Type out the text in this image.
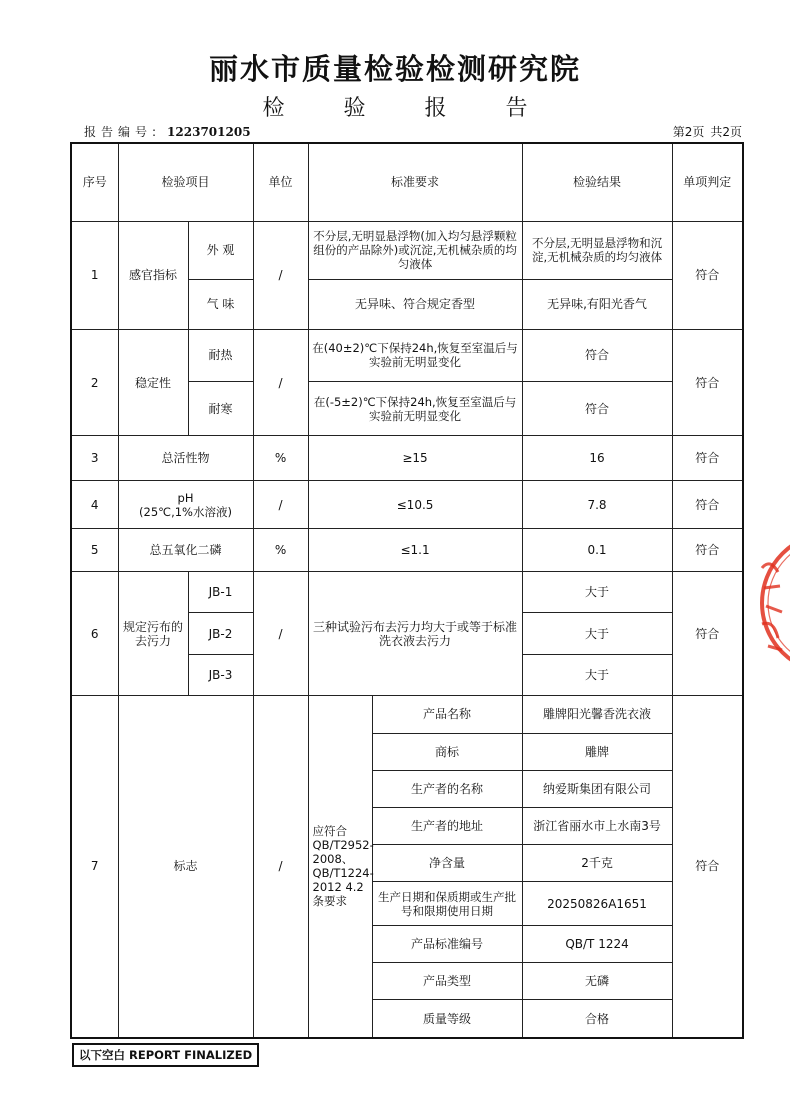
丽水市质量检验检测研究院
检 验 报 告
报告编号: 1223701205	第2页 共2页
序号	检验项目		单位	标准要求		检验结果	单项判定
1	感官指标	外 观	/	不分层,无明显悬浮物(加入均匀悬浮颗粒组份的产品除外)或沉淀,无机械杂质的均匀液体		不分层,无明显悬浮物和沉淀,无机械杂质的均匀液体	符合
		气 味		无异味、符合规定香型		无异味,有阳光香气	
2	稳定性	耐热	/	在(40±2)℃下保持24h,恢复至室温后与实验前无明显变化		符合	符合
		耐寒		在(-5±2)℃下保持24h,恢复至室温后与实验前无明显变化		符合	
3	总活性物		%	≥15		16	符合
4	pH
(25℃,1%水溶液)		/	≤10.5		7.8	符合
5	总五氧化二磷		%	≤1.1		0.1	符合
6	规定污布的去污力	JB-1	/	三种试验污布去污力均大于或等于标准洗衣液去污力		大于	符合
		JB-2				大于	
		JB-3				大于	
7	标志		/	应符合QB/T2952-2008、QB/T1224-2012 4.2条要求	产品名称	雕牌阳光馨香洗衣液	符合
					商标	雕牌	
					生产者的名称	纳爱斯集团有限公司	
					生产者的地址	浙江省丽水市上水南3号	
					净含量	2千克	
					生产日期和保质期或生产批号和限期使用日期	20250826A1651	
					产品标准编号	QB/T 1224	
					产品类型	无磷	
					质量等级	合格	
以下空白 REPORT FINALIZED
